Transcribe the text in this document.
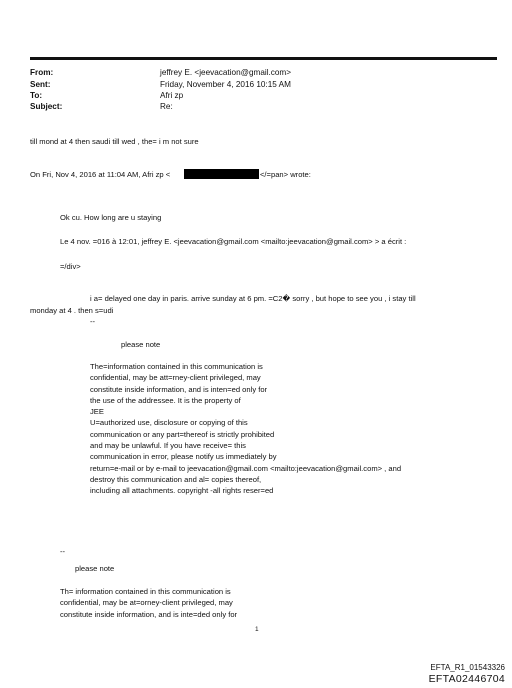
From:	jeffrey E. <jeevacation@gmail.com>
Sent:	Friday, November 4, 2016 10:15 AM
To:	Afri zp
Subject:	Re:
till mond at 4 then saudi till wed , the= i m not sure
On Fri, Nov 4, 2016 at 11:04 AM, Afri zp <	</=pan> wrote:
Ok cu. How long are u staying
Le 4 nov. =016 à 12:01, jeffrey E. <jeevacation@gmail.com <mailto:jeevacation@gmail.com> > a écrit :
=/div>
i a= delayed one day in paris. arrive sunday at 6 pm. =C2� sorry , but hope to see you , i stay till
monday at 4 . then s=udi
--
please note
The=information contained in this communication is
confidential, may be att=rney-client privileged, may
constitute inside information, and is inten=ed only for
the use of the addressee. It is the property of
JEE
U=authorized use, disclosure or copying of this
communication or any part=thereof is strictly prohibited
and may be unlawful. If you have receive= this
communication in error, please notify us immediately by
return=e-mail or by e-mail to jeevacation@gmail.com <mailto:jeevacation@gmail.com> , and
destroy this communication and al= copies thereof,
including all attachments. copyright -all rights reser=ed
--
please note
Th= information contained in this communication is
confidential, may be at=orney-client privileged, may
constitute inside information, and is inte=ded only for
1
EFTA_R1_01543326
EFTA02446704
